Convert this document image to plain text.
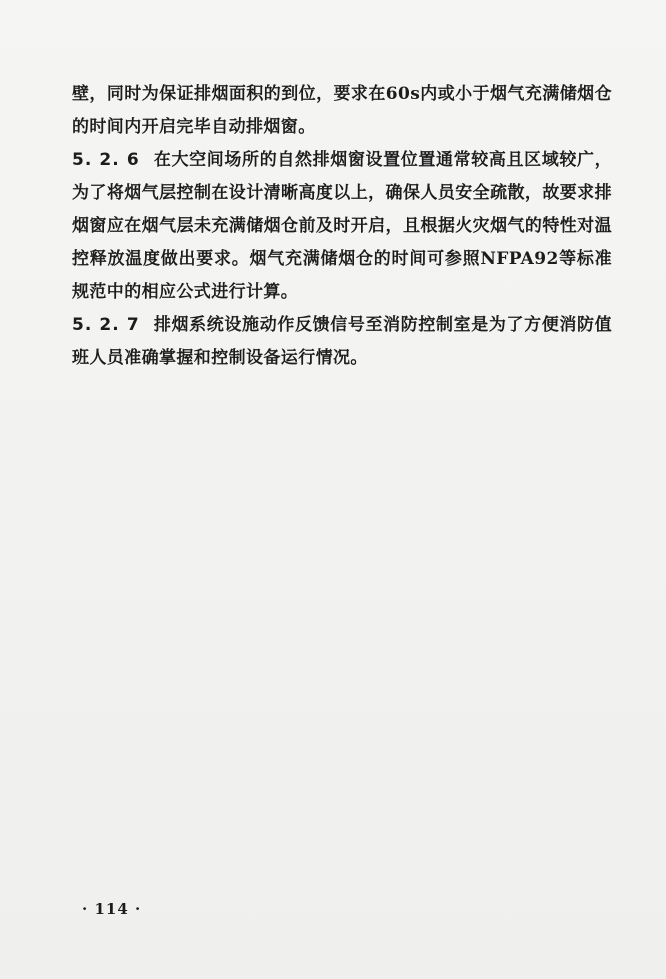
壁，同时为保证排烟面积的到位，要求在60s内或小于烟气充满储烟仓的时间内开启完毕自动排烟窗。

5. 2. 6 在大空间场所的自然排烟窗设置位置通常较高且区域较广，为了将烟气层控制在设计清晰高度以上，确保人员安全疏散，故要求排烟窗应在烟气层未充满储烟仓前及时开启，且根据火灾烟气的特性对温控释放温度做出要求。烟气充满储烟仓的时间可参照NFPA92等标准规范中的相应公式进行计算。

5. 2. 7 排烟系统设施动作反馈信号至消防控制室是为了方便消防值班人员准确掌握和控制设备运行情况。

· 114 ·
